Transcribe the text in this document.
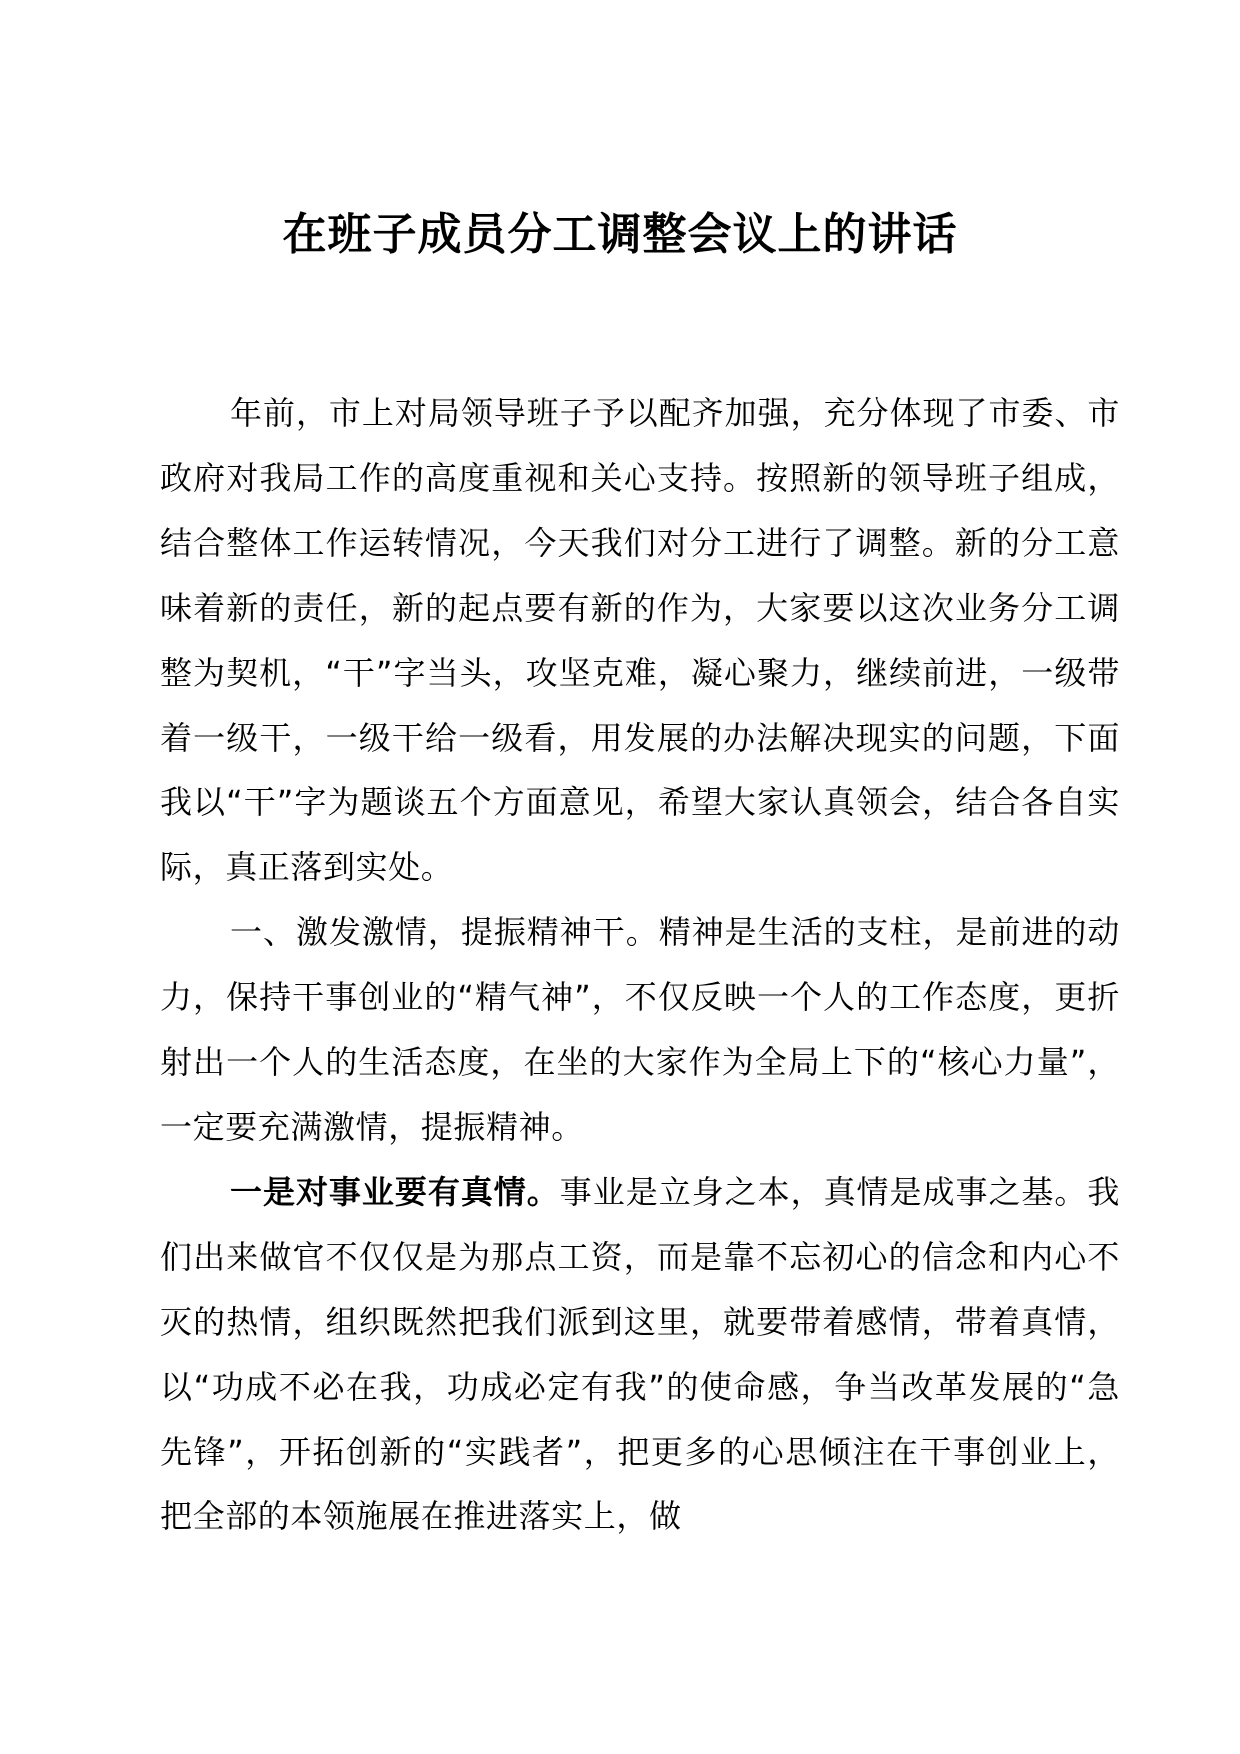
在班子成员分工调整会议上的讲话

年前，市上对局领导班子予以配齐加强，充分体现了市委、市政府对我局工作的高度重视和关心支持。按照新的领导班子组成，结合整体工作运转情况，今天我们对分工进行了调整。新的分工意味着新的责任，新的起点要有新的作为，大家要以这次业务分工调整为契机，“干”字当头，攻坚克难，凝心聚力，继续前进，一级带着一级干，一级干给一级看，用发展的办法解决现实的问题，下面我以“干”字为题谈五个方面意见，希望大家认真领会，结合各自实际，真正落到实处。

一、激发激情，提振精神干。精神是生活的支柱，是前进的动力，保持干事创业的“精气神”，不仅反映一个人的工作态度，更折射出一个人的生活态度，在坐的大家作为全局上下的“核心力量”，一定要充满激情，提振精神。

一是对事业要有真情。事业是立身之本，真情是成事之基。我们出来做官不仅仅是为那点工资，而是靠不忘初心的信念和内心不灭的热情，组织既然把我们派到这里，就要带着感情，带着真情，以“功成不必在我，功成必定有我”的使命感，争当改革发展的“急先锋”，开拓创新的“实践者”，把更多的心思倾注在干事创业上，把全部的本领施展在推进落实上，做
